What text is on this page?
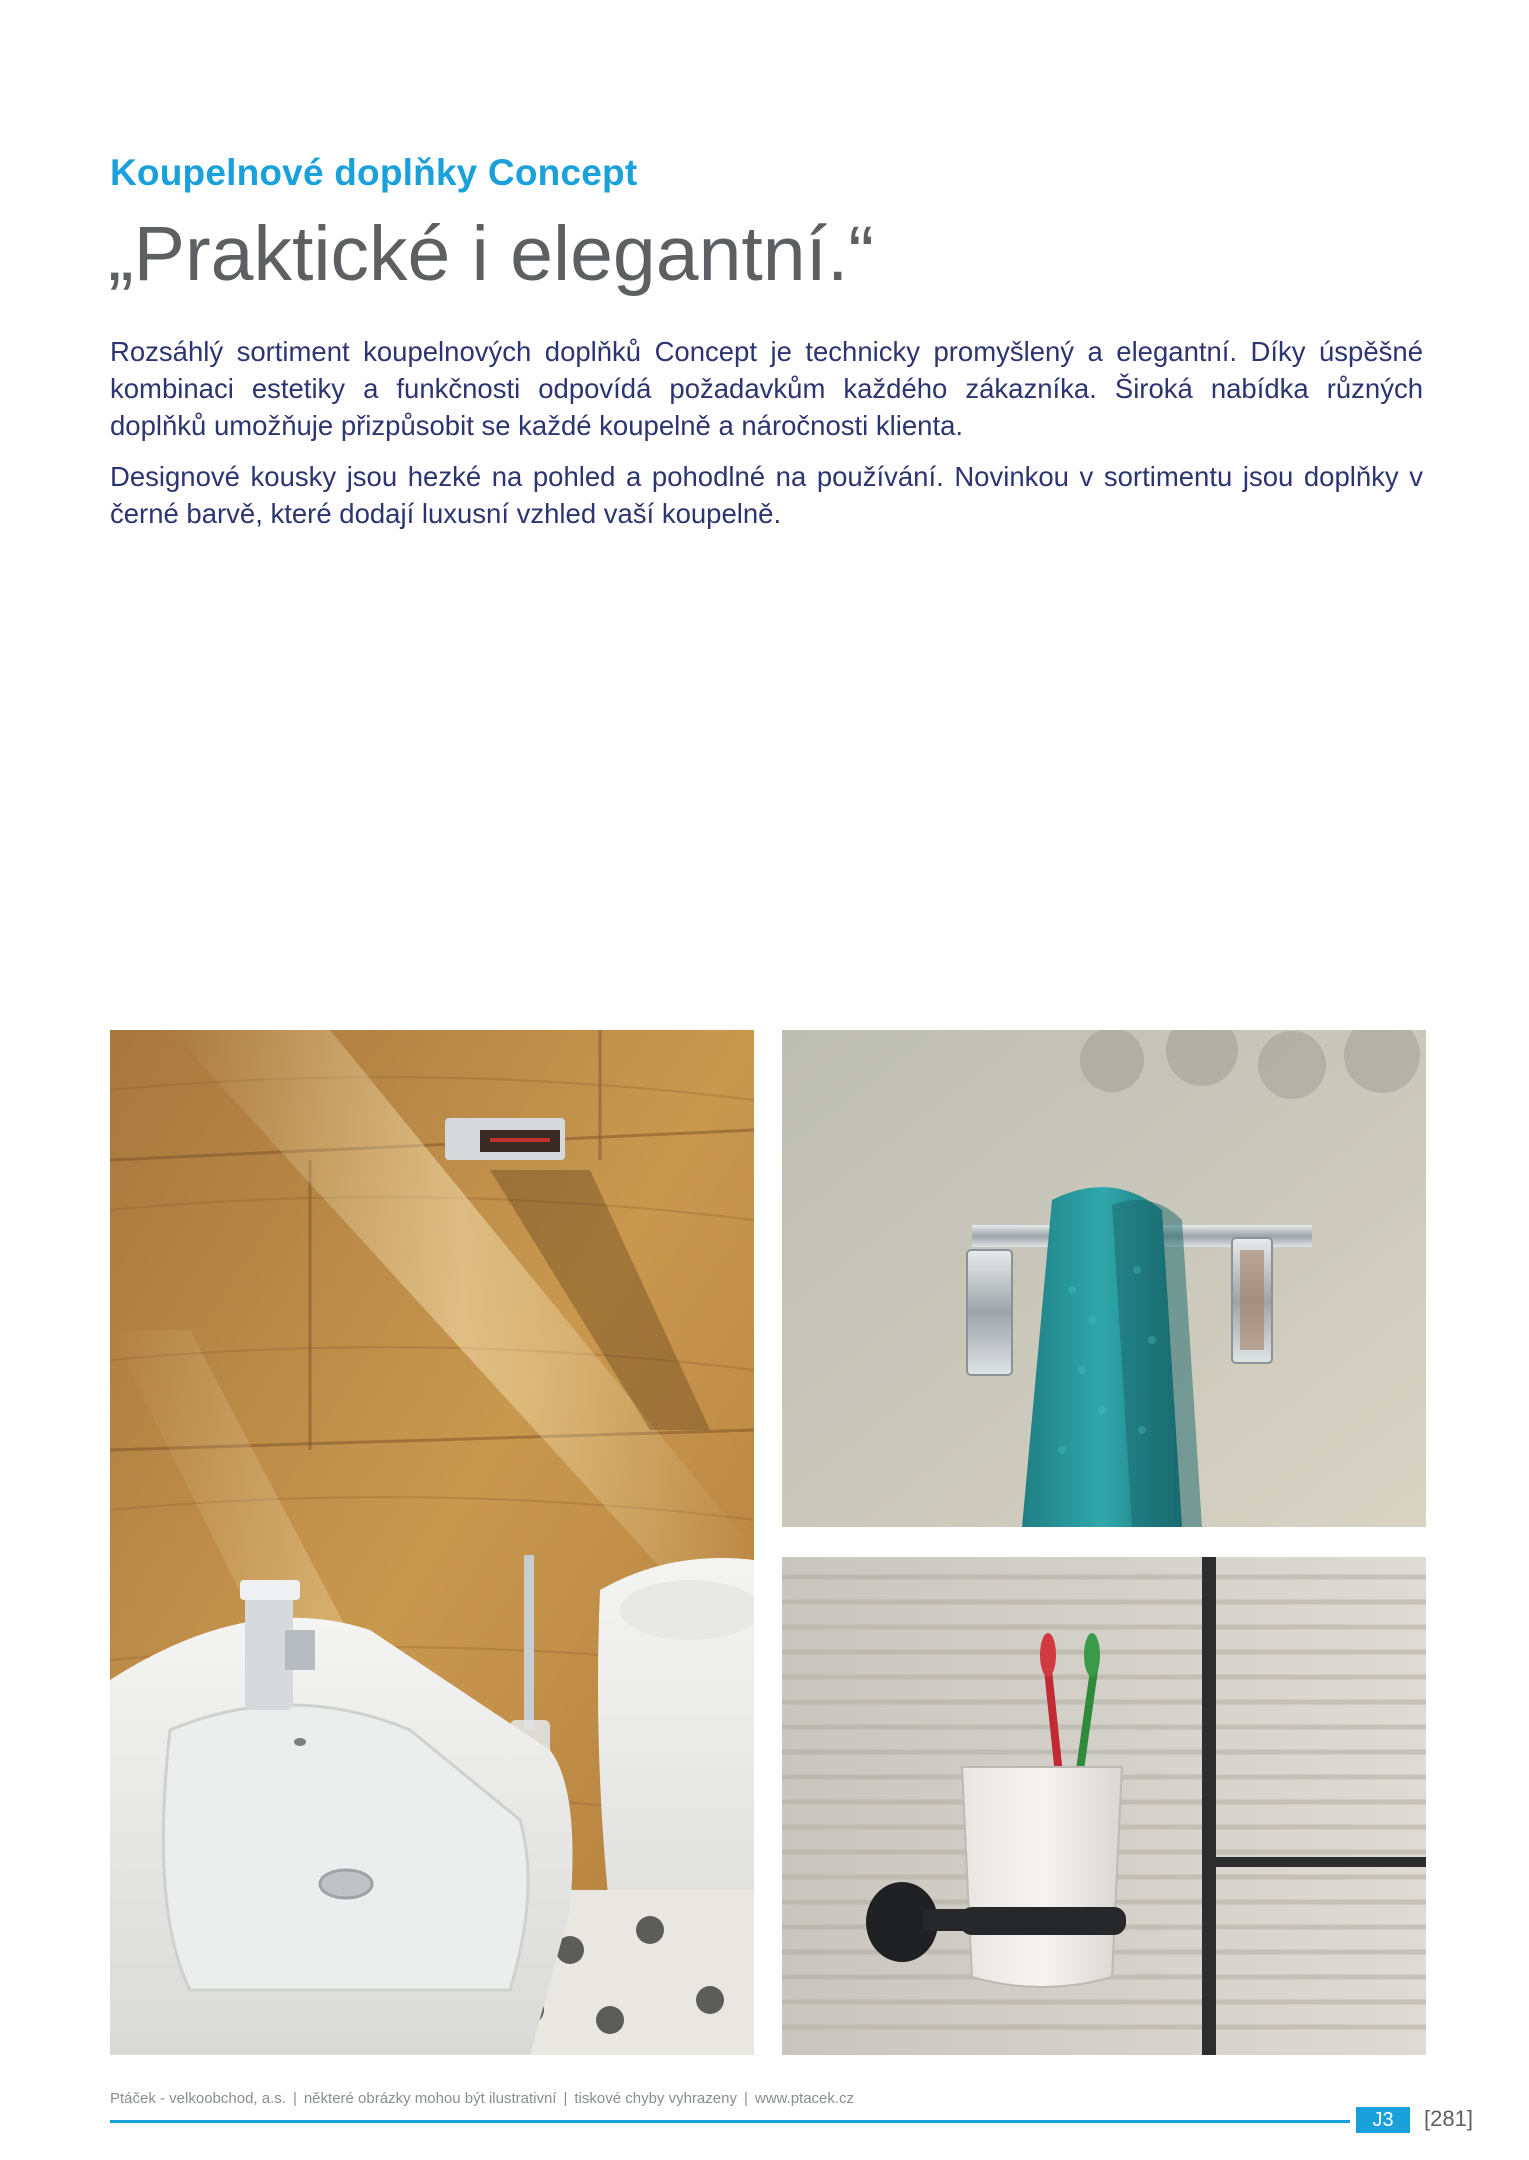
Koupelnové doplňky Concept
„Praktické i elegantní.“

Rozsáhlý sortiment koupelnových doplňků Concept je technicky promyšlený a elegantní. Díky úspěšné kombinaci estetiky a funkčnosti odpovídá požadavkům každého zákazníka. Široká nabídka různých doplňků umožňuje přizpůsobit se každé koupelně a náročnosti klienta.

Designové kousky jsou hezké na pohled a pohodlné na používání. Novinkou v sortimentu jsou doplňky v černé barvě, které dodají luxusní vzhled vaší koupelně.

Ptáček - velkoobchod, a.s. | některé obrázky mohou být ilustrativní | tiskové chyby vyhrazeny | www.ptacek.cz
J3	[281]
